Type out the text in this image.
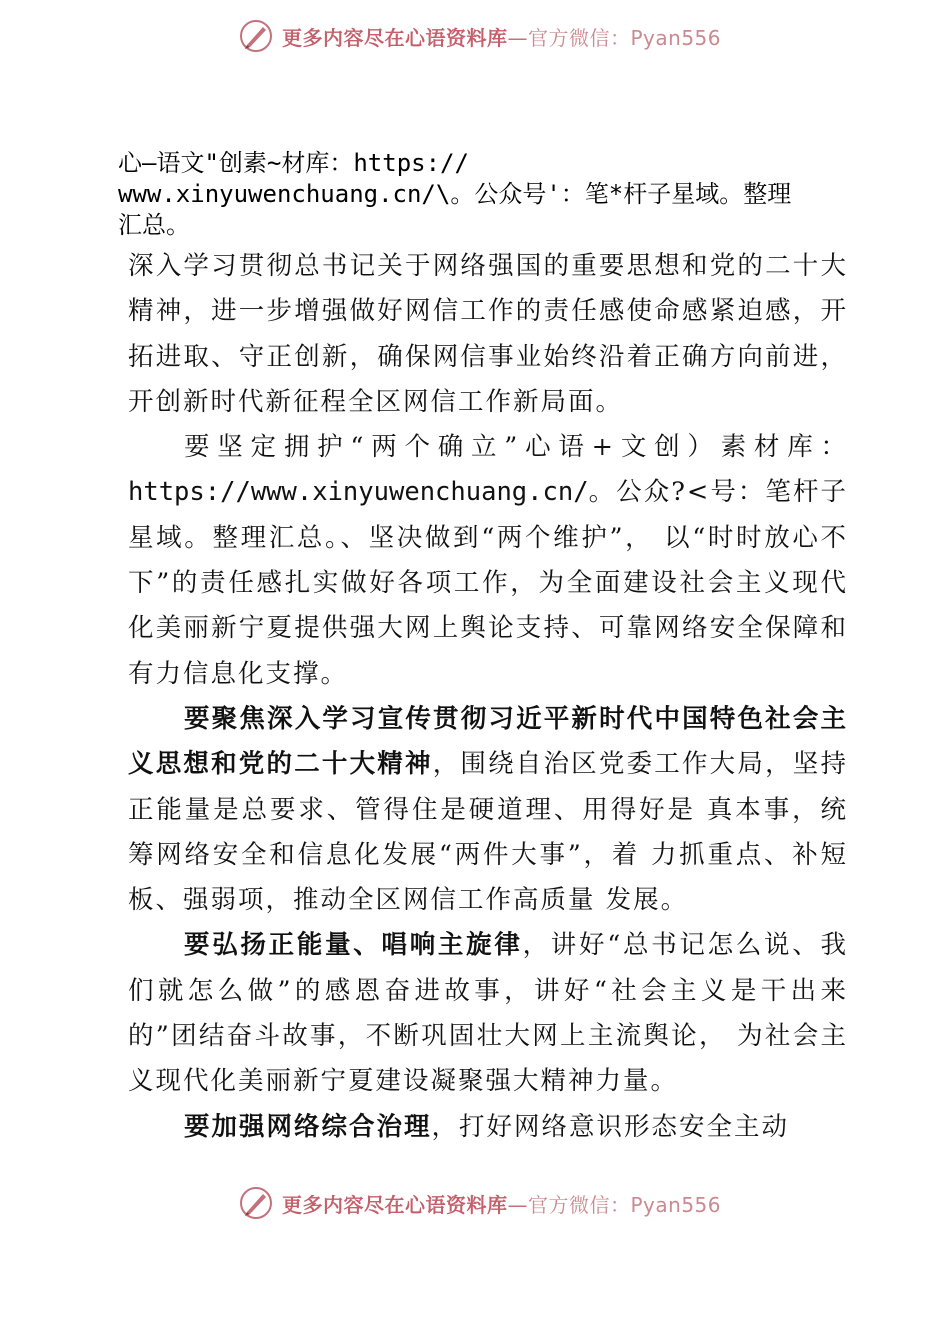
更多内容尽在心语资料库—官方微信：Pyan556
心—语文"创素~材库：https://
www.xinyuwenchuang.cn/\。公众号'：笔*杆子星域。整理
汇总。

深入学习贯彻总书记关于网络强国的重要思想和党的二十大精神，进一步增强做好网信工作的责任感使命感紧迫感，开拓进取、守正创新，确保网信事业始终沿着正确方向前进，开创新时代新征程全区网信工作新局面。

要坚定拥护“两个确立”心语+文创）素材库：https://www.xinyuwenchuang.cn/。公众?<号：笔杆子星域。整理汇总。、坚决做到“两个维护”， 以“时时放心不下”的责任感扎实做好各项工作，为全面建设社会主义现代化美丽新宁夏提供强大网上舆论支持、可靠网络安全保障和有力信息化支撑。

要聚焦深入学习宣传贯彻习近平新时代中国特色社会主义思想和党的二十大精神，围绕自治区党委工作大局，坚持正能量是总要求、管得住是硬道理、用得好是 真本事，统筹网络安全和信息化发展“两件大事”，着 力抓重点、补短板、强弱项，推动全区网信工作高质量 发展。

要弘扬正能量、唱响主旋律，讲好“总书记怎么说、我们就怎么做”的感恩奋进故事，讲好“社会主义是干出来的”团结奋斗故事，不断巩固壮大网上主流舆论， 为社会主义现代化美丽新宁夏建设凝聚强大精神力量。

要加强网络综合治理，打好网络意识形态安全主动

更多内容尽在心语资料库—官方微信：Pyan556
